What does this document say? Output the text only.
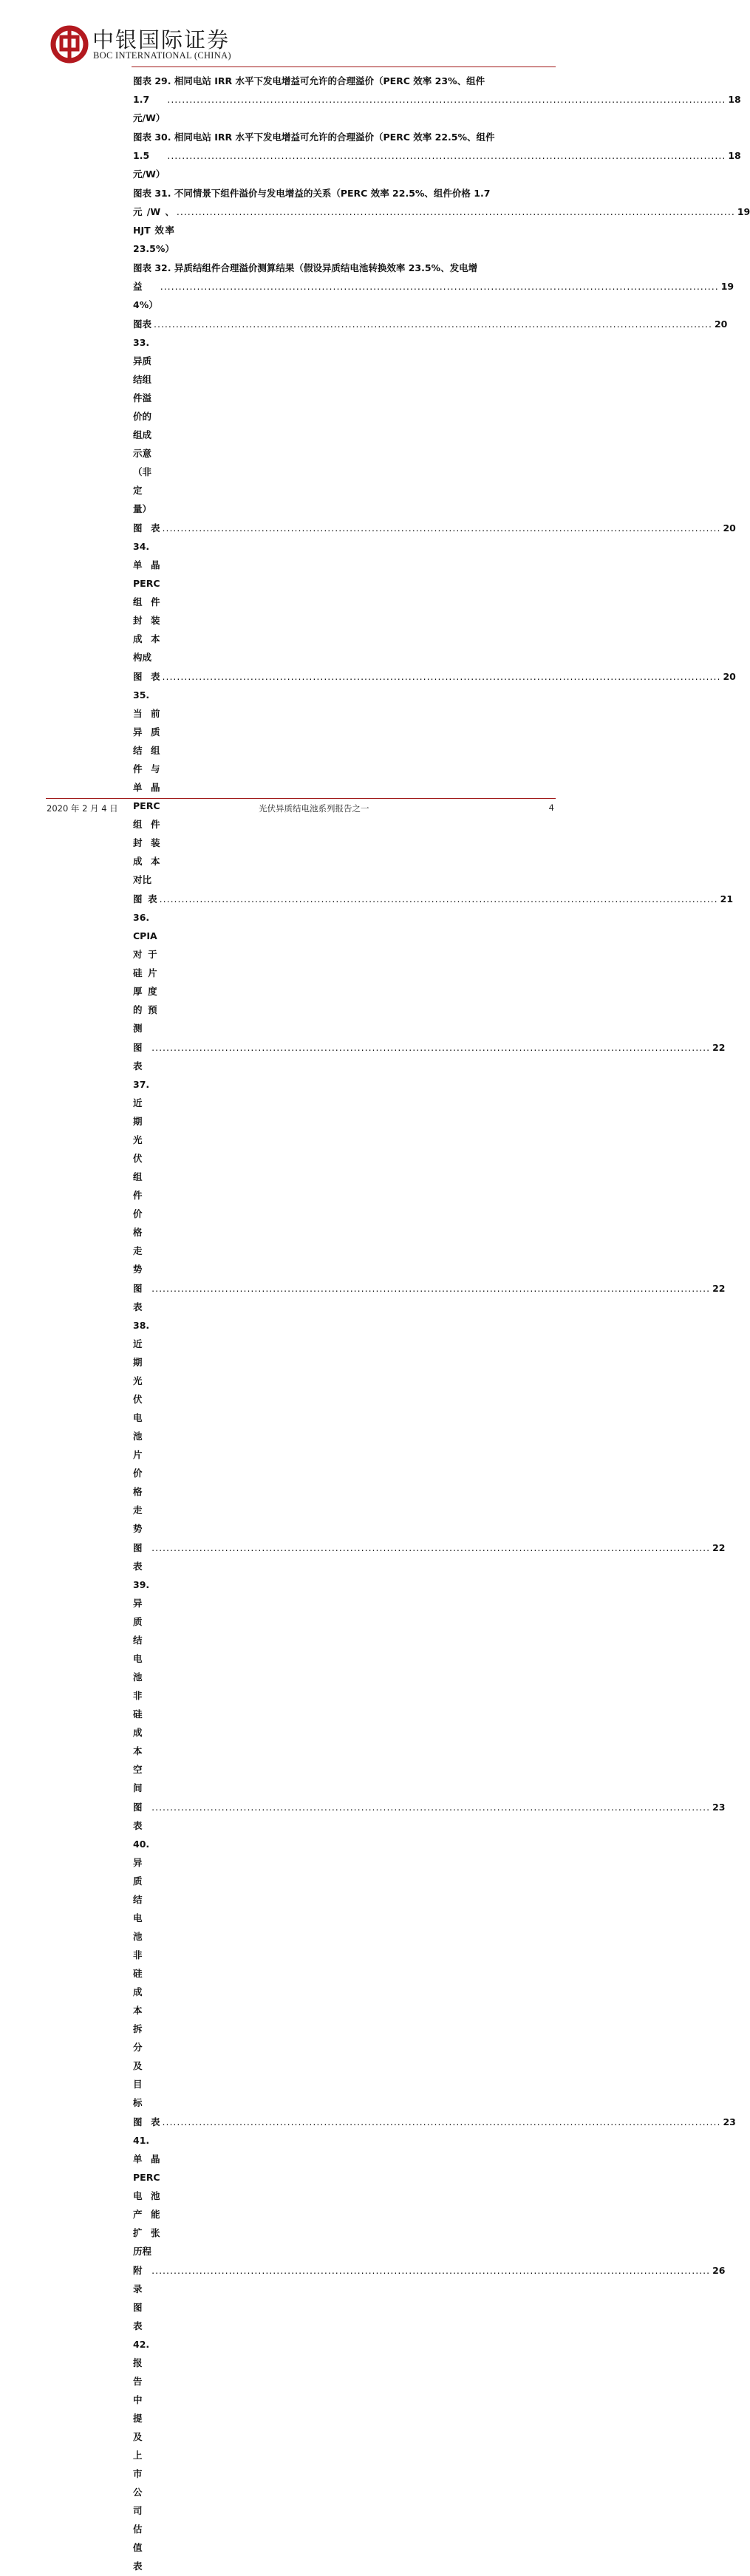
中银国际证券
BOC INTERNATIONAL (CHINA)
图表 29. 相同电站 IRR 水平下发电增益可允许的合理溢价（PERC 效率 23%、组件
1.7 元/W）
........................................................................................................................................................ 18
图表 30. 相同电站 IRR 水平下发电增益可允许的合理溢价（PERC 效率 22.5%、组件
1.5 元/W）
........................................................................................................................................................ 18
图表 31. 不同情景下组件溢价与发电增益的关系（PERC 效率 22.5%、组件价格 1.7
元/W、 HJT 效率 23.5%）
........................................................................................................................................................ 19
图表 32. 异质结组件合理溢价测算结果（假设异质结电池转换效率 23.5%、发电增
益 4%）
........................................................................................................................................................ 19
图表 33. 异质结组件溢价的组成示意（非定量）
........................................................................................................................................................ 20
图表 34. 单晶 PERC 组件封装成本构成
........................................................................................................................................................ 20
图表 35. 当前异质结组件与单晶 PERC 组件封装成本对比
........................................................................................................................................................ 20
图表 36. CPIA 对于硅片厚度的预测
........................................................................................................................................................ 21
图表 37. 近期光伏组件价格走势
........................................................................................................................................................ 22
图表 38. 近期光伏电池片价格走势
........................................................................................................................................................ 22
图表 39. 异质结电池非硅成本空间
........................................................................................................................................................ 22
图表 40. 异质结电池非硅成本拆分及目标
........................................................................................................................................................ 23
图表 41. 单晶 PERC 电池产能扩张历程
........................................................................................................................................................ 23
附录图表 42. 报告中提及上市公司估值表
........................................................................................................................................................ 26
2020 年 2 月 4 日	光伏异质结电池系列报告之一	4
